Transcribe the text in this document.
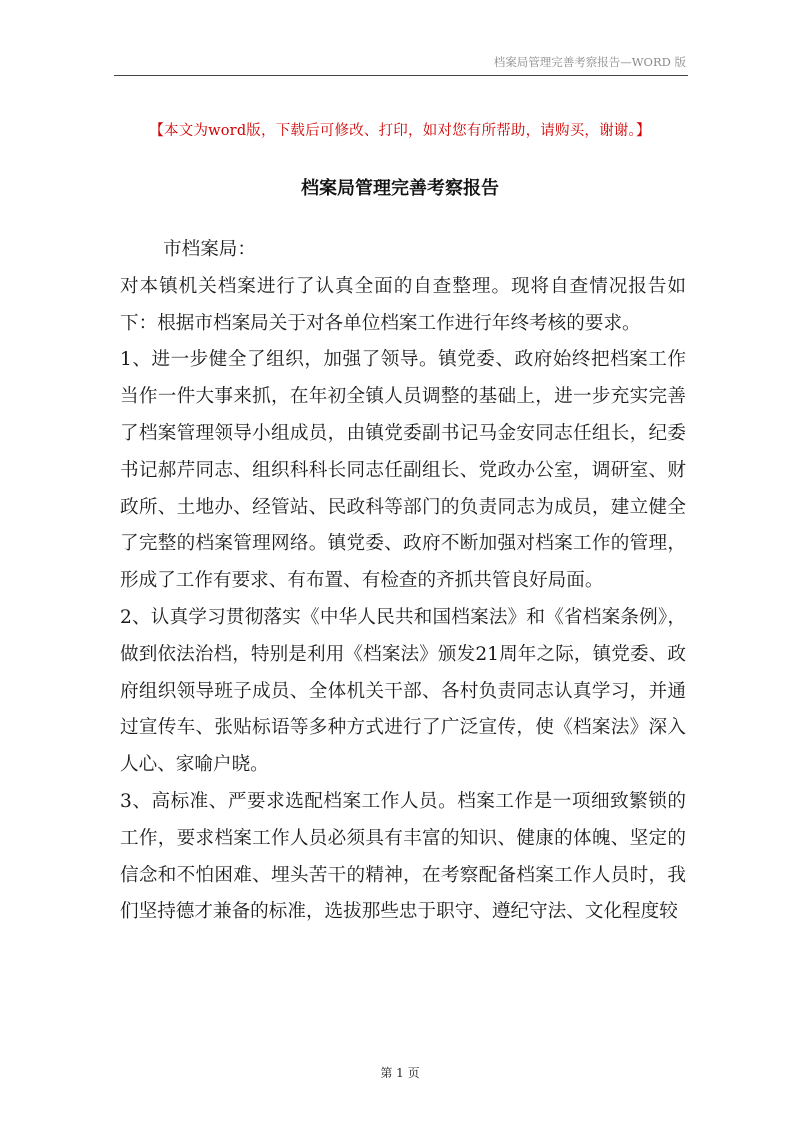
档案局管理完善考察报告—WORD 版
【本文为word版，下载后可修改、打印，如对您有所帮助，请购买，谢谢。】
档案局管理完善考察报告

市档案局：

对本镇机关档案进行了认真全面的自查整理。现将自查情况报告如下：根据市档案局关于对各单位档案工作进行年终考核的要求。

1、进一步健全了组织，加强了领导。镇党委、政府始终把档案工作当作一件大事来抓，在年初全镇人员调整的基础上，进一步充实完善了档案管理领导小组成员，由镇党委副书记马金安同志任组长，纪委书记郝芹同志、组织科科长同志任副组长、党政办公室，调研室、财政所、土地办、经管站、民政科等部门的负责同志为成员，建立健全了完整的档案管理网络。镇党委、政府不断加强对档案工作的管理，形成了工作有要求、有布置、有检查的齐抓共管良好局面。

2、认真学习贯彻落实《中华人民共和国档案法》和《省档案条例》，做到依法治档，特别是利用《档案法》颁发21周年之际，镇党委、政府组织领导班子成员、全体机关干部、各村负责同志认真学习，并通过宣传车、张贴标语等多种方式进行了广泛宣传，使《档案法》深入人心、家喻户晓。

3、高标准、严要求选配档案工作人员。档案工作是一项细致繁锁的工作，要求档案工作人员必须具有丰富的知识、健康的体魄、坚定的信念和不怕困难、埋头苦干的精神，在考察配备档案工作人员时，我们坚持德才兼备的标准，选拔那些忠于职守、遵纪守法、文化程度较

第 1 页
